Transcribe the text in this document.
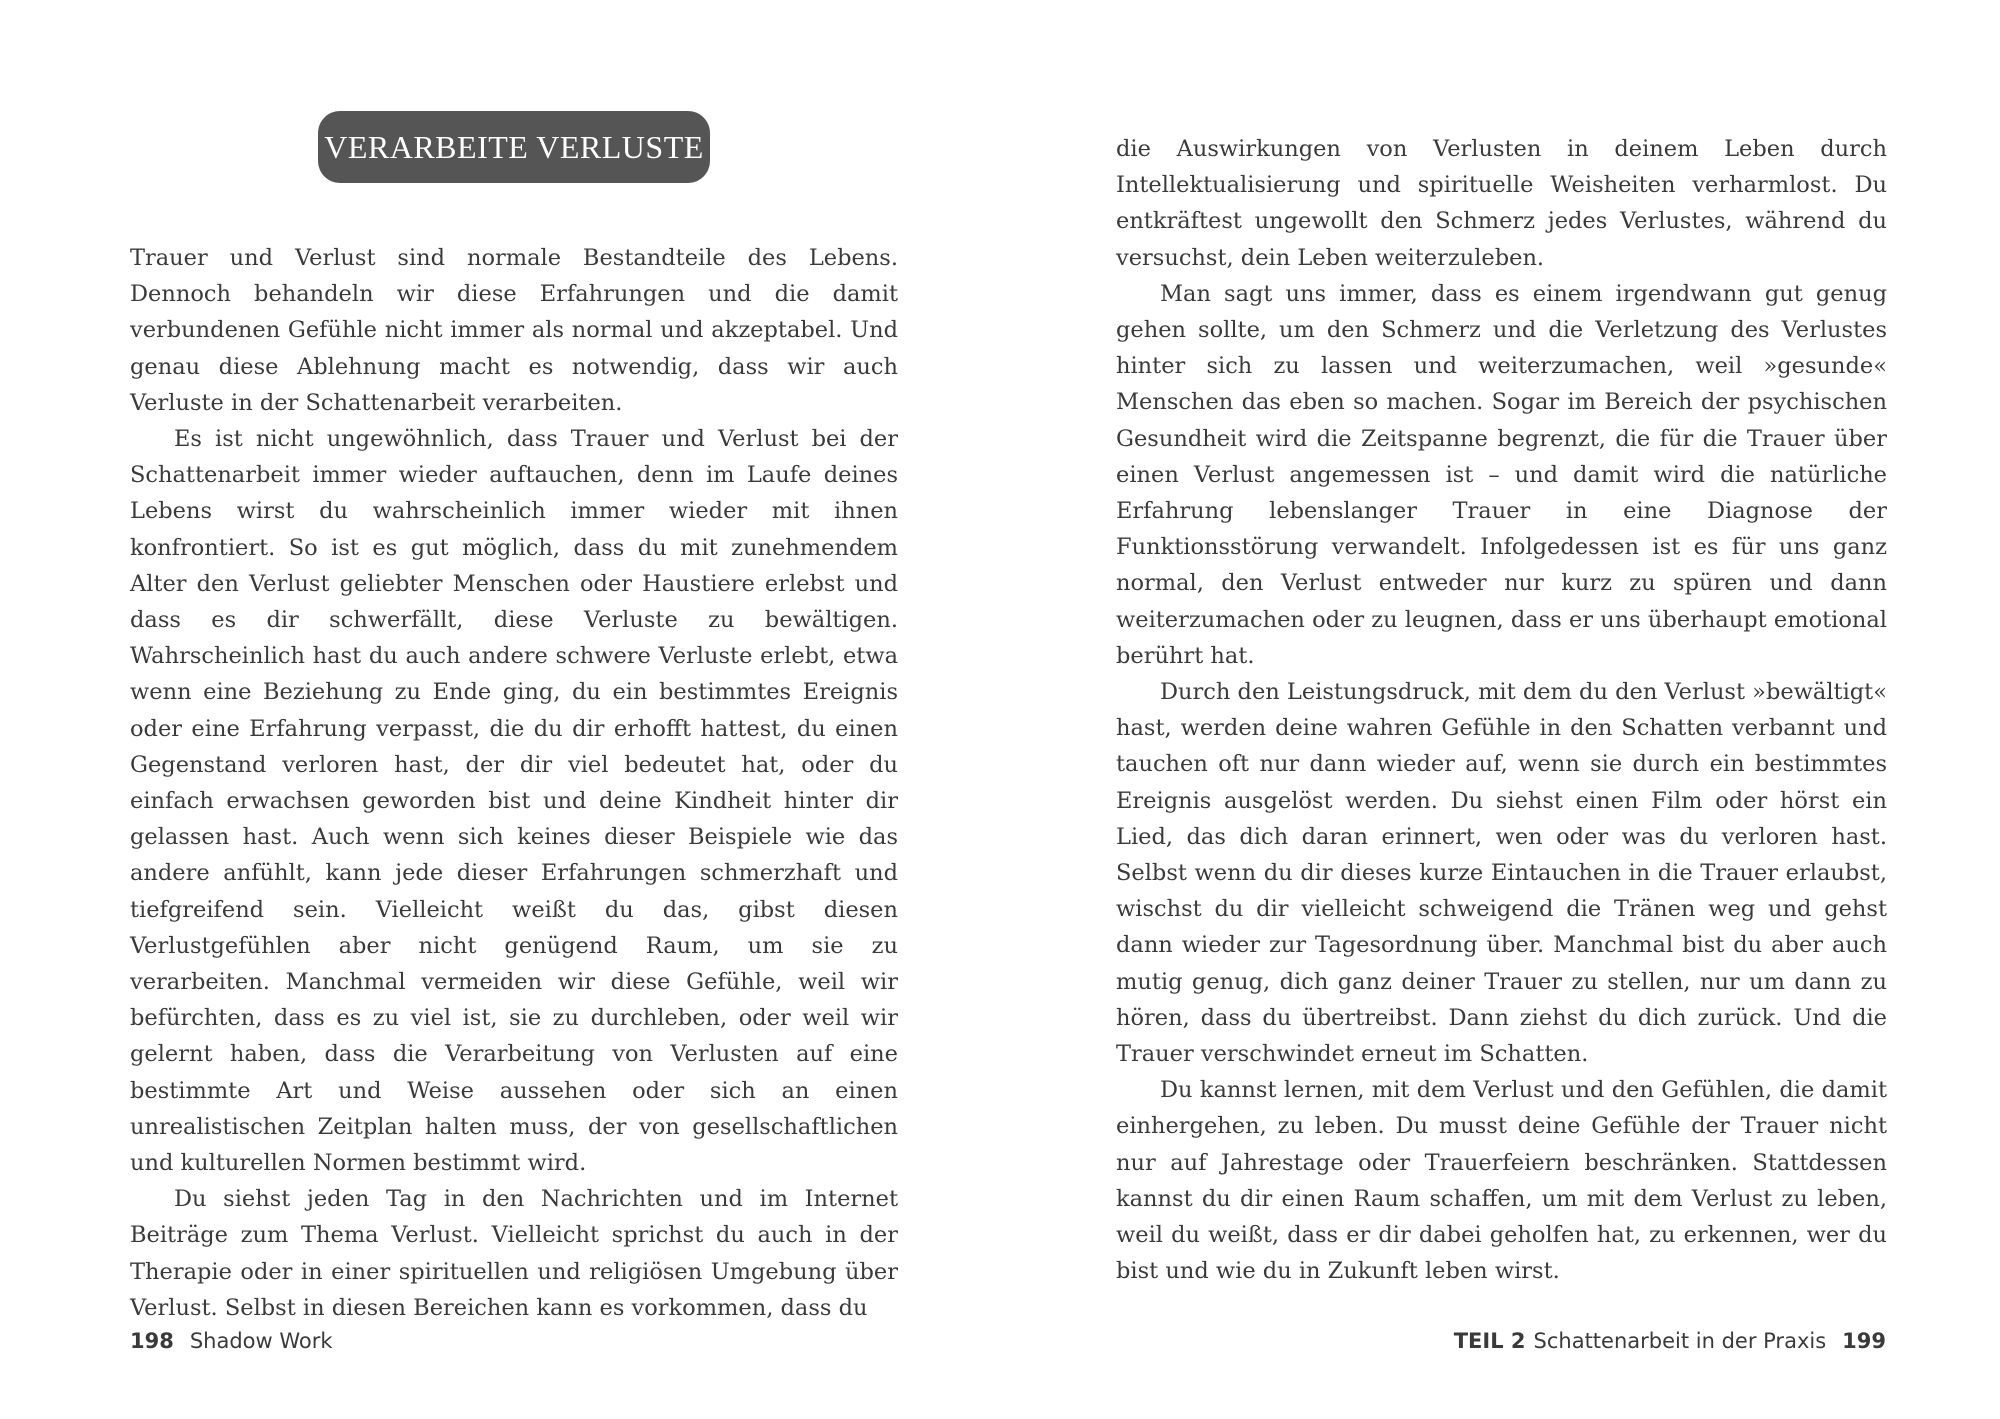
VERARBEITE VERLUSTE

Trauer und Verlust sind normale Bestandteile des Lebens. Dennoch behandeln wir diese Erfahrungen und die damit verbundenen Gefühle nicht immer als normal und akzeptabel. Und genau diese Ablehnung macht es notwendig, dass wir auch Verluste in der Schattenarbeit verarbeiten.

Es ist nicht ungewöhnlich, dass Trauer und Verlust bei der Schattenarbeit immer wieder auftauchen, denn im Laufe deines Lebens wirst du wahrscheinlich immer wieder mit ihnen konfrontiert. So ist es gut möglich, dass du mit zunehmendem Alter den Verlust geliebter Menschen oder Haustiere erlebst und dass es dir schwerfällt, diese Verluste zu bewältigen. Wahrscheinlich hast du auch andere schwere Verluste erlebt, etwa wenn eine Beziehung zu Ende ging, du ein bestimmtes Ereignis oder eine Erfahrung verpasst, die du dir erhofft hattest, du einen Gegenstand verloren hast, der dir viel bedeutet hat, oder du einfach erwachsen geworden bist und deine Kindheit hinter dir gelassen hast. Auch wenn sich keines dieser Beispiele wie das andere anfühlt, kann jede dieser Erfahrungen schmerzhaft und tiefgreifend sein. Vielleicht weißt du das, gibst diesen Verlustgefühlen aber nicht genügend Raum, um sie zu verarbeiten. Manchmal vermeiden wir diese Gefühle, weil wir befürchten, dass es zu viel ist, sie zu durchleben, oder weil wir gelernt haben, dass die Verarbeitung von Verlusten auf eine bestimmte Art und Weise aussehen oder sich an einen unrealistischen Zeitplan halten muss, der von gesellschaftlichen und kulturellen Normen bestimmt wird.

Du siehst jeden Tag in den Nachrichten und im Internet Beiträge zum Thema Verlust. Vielleicht sprichst du auch in der Therapie oder in einer spirituellen und religiösen Umgebung über Verlust. Selbst in diesen Bereichen kann es vorkommen, dass du

198 Shadow Work

die Auswirkungen von Verlusten in deinem Leben durch Intellektualisierung und spirituelle Weisheiten verharmlost. Du entkräftest ungewollt den Schmerz jedes Verlustes, während du versuchst, dein Leben weiterzuleben.

Man sagt uns immer, dass es einem irgendwann gut genug gehen sollte, um den Schmerz und die Verletzung des Verlustes hinter sich zu lassen und weiterzumachen, weil »gesunde« Menschen das eben so machen. Sogar im Bereich der psychischen Gesundheit wird die Zeitspanne begrenzt, die für die Trauer über einen Verlust angemessen ist – und damit wird die natürliche Erfahrung lebenslanger Trauer in eine Diagnose der Funktionsstörung verwandelt. Infolgedessen ist es für uns ganz normal, den Verlust entweder nur kurz zu spüren und dann weiterzumachen oder zu leugnen, dass er uns überhaupt emotional berührt hat.

Durch den Leistungsdruck, mit dem du den Verlust »bewältigt« hast, werden deine wahren Gefühle in den Schatten verbannt und tauchen oft nur dann wieder auf, wenn sie durch ein bestimmtes Ereignis ausgelöst werden. Du siehst einen Film oder hörst ein Lied, das dich daran erinnert, wen oder was du verloren hast. Selbst wenn du dir dieses kurze Eintauchen in die Trauer erlaubst, wischst du dir vielleicht schweigend die Tränen weg und gehst dann wieder zur Tagesordnung über. Manchmal bist du aber auch mutig genug, dich ganz deiner Trauer zu stellen, nur um dann zu hören, dass du übertreibst. Dann ziehst du dich zurück. Und die Trauer verschwindet erneut im Schatten.

Du kannst lernen, mit dem Verlust und den Gefühlen, die damit einhergehen, zu leben. Du musst deine Gefühle der Trauer nicht nur auf Jahrestage oder Trauerfeiern beschränken. Stattdessen kannst du dir einen Raum schaffen, um mit dem Verlust zu leben, weil du weißt, dass er dir dabei geholfen hat, zu erkennen, wer du bist und wie du in Zukunft leben wirst.

TEIL 2 Schattenarbeit in der Praxis 199
